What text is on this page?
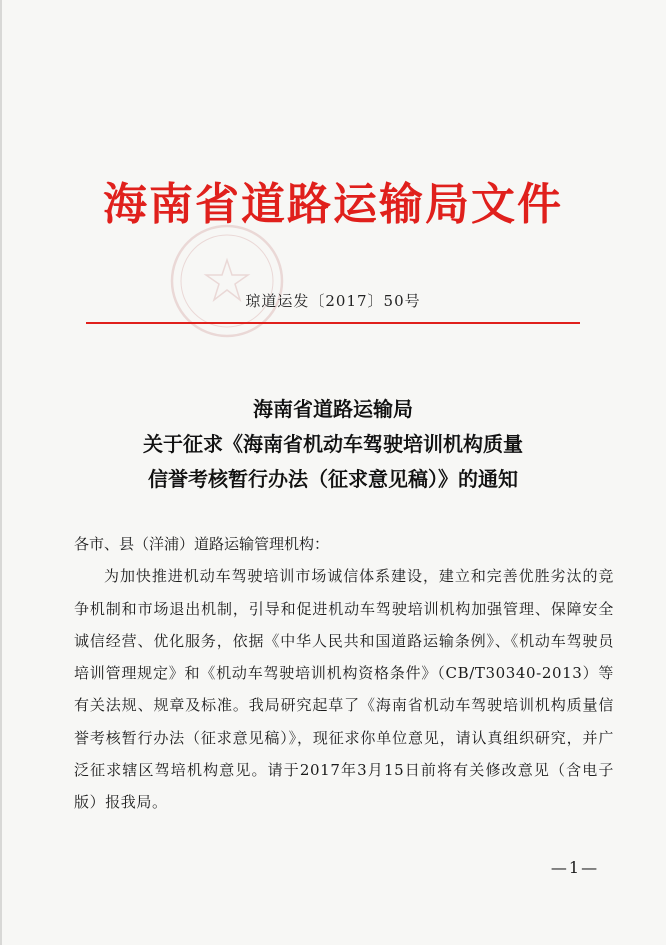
海南省道路运输局文件
琼道运发〔2017〕50号
海南省道路运输局
关于征求《海南省机动车驾驶培训机构质量
信誉考核暂行办法（征求意见稿）》的通知
各市、县（洋浦）道路运输管理机构：
为加快推进机动车驾驶培训市场诚信体系建设，建立和完善优胜劣汰的竞争机制和市场退出机制，引导和促进机动车驾驶培训机构加强管理、保障安全诚信经营、优化服务，依据《中华人民共和国道路运输条例》、《机动车驾驶员培训管理规定》和《机动车驾驶培训机构资格条件》（CB/T30340-2013）等有关法规、规章及标准。我局研究起草了《海南省机动车驾驶培训机构质量信誉考核暂行办法（征求意见稿）》，现征求你单位意见，请认真组织研究，并广泛征求辖区驾培机构意见。请于2017年3月15日前将有关修改意见（含电子版）报我局。
—1—
